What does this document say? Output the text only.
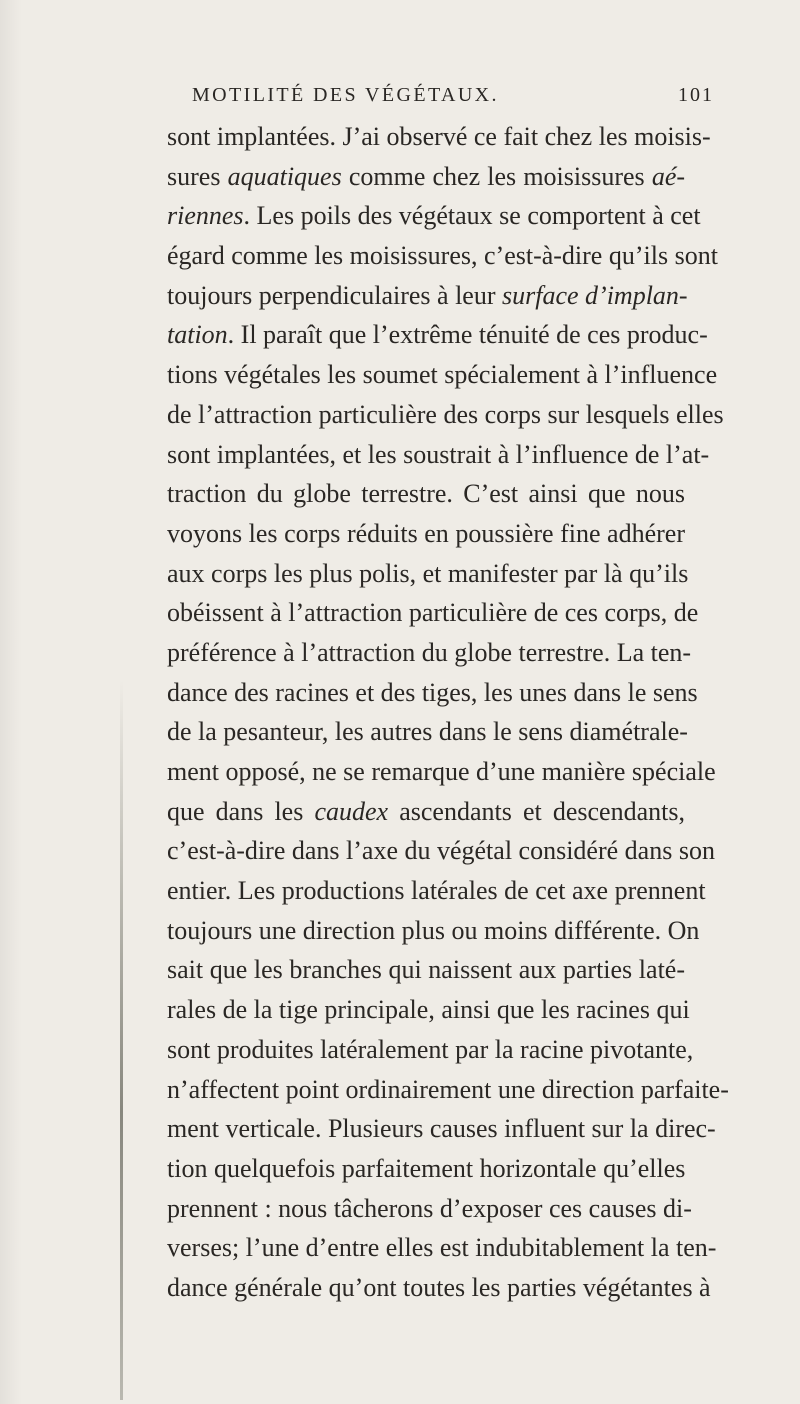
MOTILITÉ DES VÉGÉTAUX.	101
sont implantées. J’ai observé ce fait chez les moisis-
sures aquatiques comme chez les moisissures aé-
riennes. Les poils des végétaux se comportent à cet
égard comme les moisissures, c’est-à-dire qu’ils sont
toujours perpendiculaires à leur surface d’implan-
tation. Il paraît que l’extrême ténuité de ces produc-
tions végétales les soumet spécialement à l’influence
de l’attraction particulière des corps sur lesquels elles
sont implantées, et les soustrait à l’influence de l’at-
traction du globe terrestre. C’est ainsi que nous
voyons les corps réduits en poussière fine adhérer
aux corps les plus polis, et manifester par là qu’ils
obéissent à l’attraction particulière de ces corps, de
préférence à l’attraction du globe terrestre. La ten-
dance des racines et des tiges, les unes dans le sens
de la pesanteur, les autres dans le sens diamétrale-
ment opposé, ne se remarque d’une manière spéciale
que dans les caudex ascendants et descendants,
c’est-à-dire dans l’axe du végétal considéré dans son
entier. Les productions latérales de cet axe prennent
toujours une direction plus ou moins différente. On
sait que les branches qui naissent aux parties laté-
rales de la tige principale, ainsi que les racines qui
sont produites latéralement par la racine pivotante,
n’affectent point ordinairement une direction parfaite-
ment verticale. Plusieurs causes influent sur la direc-
tion quelquefois parfaitement horizontale qu’elles
prennent : nous tâcherons d’exposer ces causes di-
verses; l’une d’entre elles est indubitablement la ten-
dance générale qu’ont toutes les parties végétantes à
